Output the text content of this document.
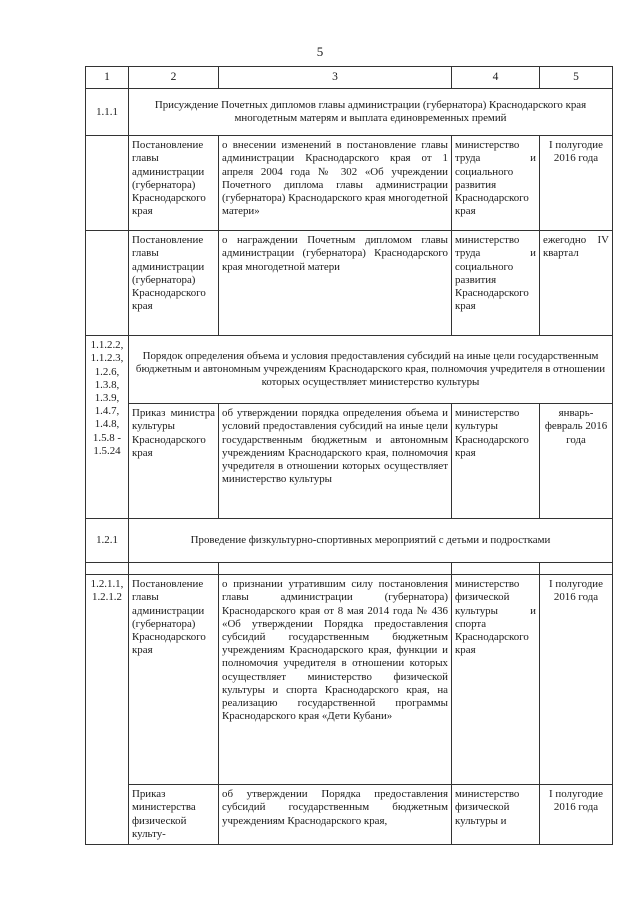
5
1	2	3	4	5
1.1.1	Присуждение Почетных дипломов главы администрации (губернатора) Краснодарского края многодетным матерям и выплата единовременных премий			
	Постановление главы администрации (губернатора) Краснодарского края	о внесении изменений в постановление главы администрации Краснодарского края от 1 апреля 2004 года № 302 «Об учреждении Почетного диплома главы администрации (губернатора) Краснодарского края многодетной матери»	министерство труда и социального развития Краснодарского края	I полугодие 2016 года
	Постановление главы администрации (губернатора) Краснодарского края	о награждении Почетным дипломом главы администрации (губернатора) Краснодарского края многодетной матери	министерство труда и социального развития Краснодарского края	ежегодно IV квартал
1.1.2.2, 1.1.2.3, 1.2.6, 1.3.8, 1.3.9, 1.4.7, 1.4.8, 1.5.8 - 1.5.24	Порядок определения объема и условия предоставления субсидий на иные цели государственным бюджетным и автономным учреждениям Краснодарского края, полномочия учредителя в отношении которых осуществляет министерство культуры			
	Приказ министра культуры Краснодарского края	об утверждении порядка определения объема и условий предоставления субсидий на иные цели государственным бюджетным и автономным учреждениям Краснодарского края, полномочия учредителя в отношении которых осуществляет министерство культуры	министерство культуры Краснодарского края	январь-февраль 2016 года
1.2.1	Проведение физкультурно-спортивных мероприятий с детьми и подростками			

1.2.1.1, 1.2.1.2	Постановление главы администрации (губернатора) Краснодарского края	о признании утратившим силу постановления главы администрации (губернатора) Краснодарского края от 8 мая 2014 года № 436 «Об утверждении Порядка предоставления субсидий государственным бюджетным учреждениям Краснодарского края, функции и полномочия учредителя в отношении которых осуществляет министерство физической культуры и спорта Краснодарского края, на реализацию государственной программы Краснодарского края «Дети Кубани»	министерство физической культуры и спорта Краснодарского края	I полугодие 2016 года
	Приказ министерства физической культу-	об утверждении Порядка предоставления субсидий государственным бюджетным учреждениям Краснодарского края,	министерство физической культуры и	I полугодие 2016 года
